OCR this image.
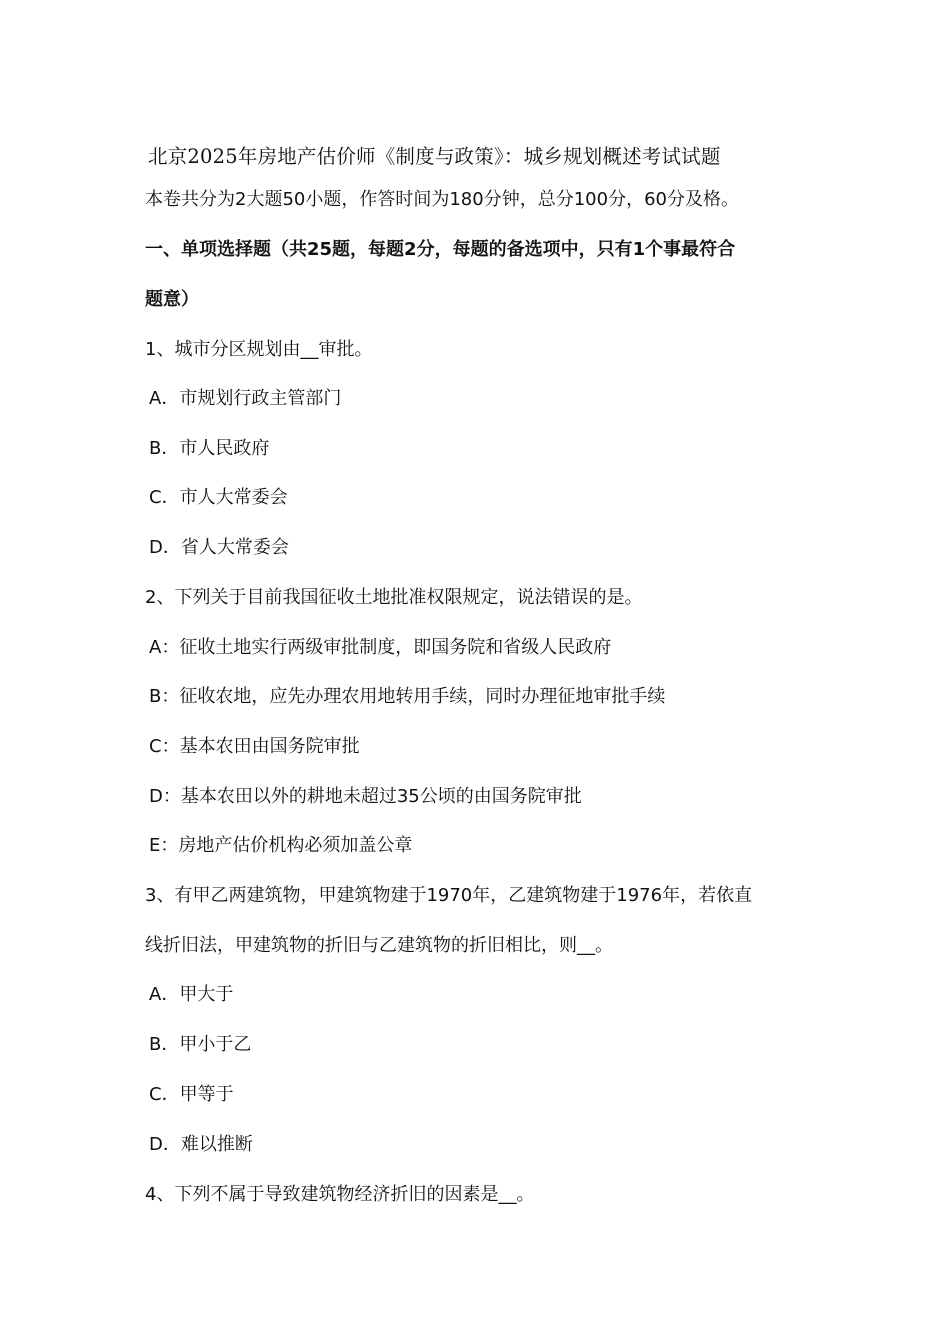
北京2025年房地产估价师《制度与政策》：城乡规划概述考试试题
本卷共分为2大题50小题，作答时间为180分钟，总分100分，60分及格。
一、单项选择题（共25题，每题2分，每题的备选项中，只有1个事最符合
题意）
1、城市分区规划由__审批。
A．市规划行政主管部门
B．市人民政府
C．市人大常委会
D．省人大常委会
2、下列关于目前我国征收土地批准权限规定，说法错误的是。
A：征收土地实行两级审批制度，即国务院和省级人民政府
B：征收农地，应先办理农用地转用手续，同时办理征地审批手续
C：基本农田由国务院审批
D：基本农田以外的耕地未超过35公顷的由国务院审批
E：房地产估价机构必须加盖公章
3、有甲乙两建筑物，甲建筑物建于1970年，乙建筑物建于1976年，若依直
线折旧法，甲建筑物的折旧与乙建筑物的折旧相比，则__。
A．甲大于
B．甲小于乙
C．甲等于
D．难以推断
4、下列不属于导致建筑物经济折旧的因素是__。
